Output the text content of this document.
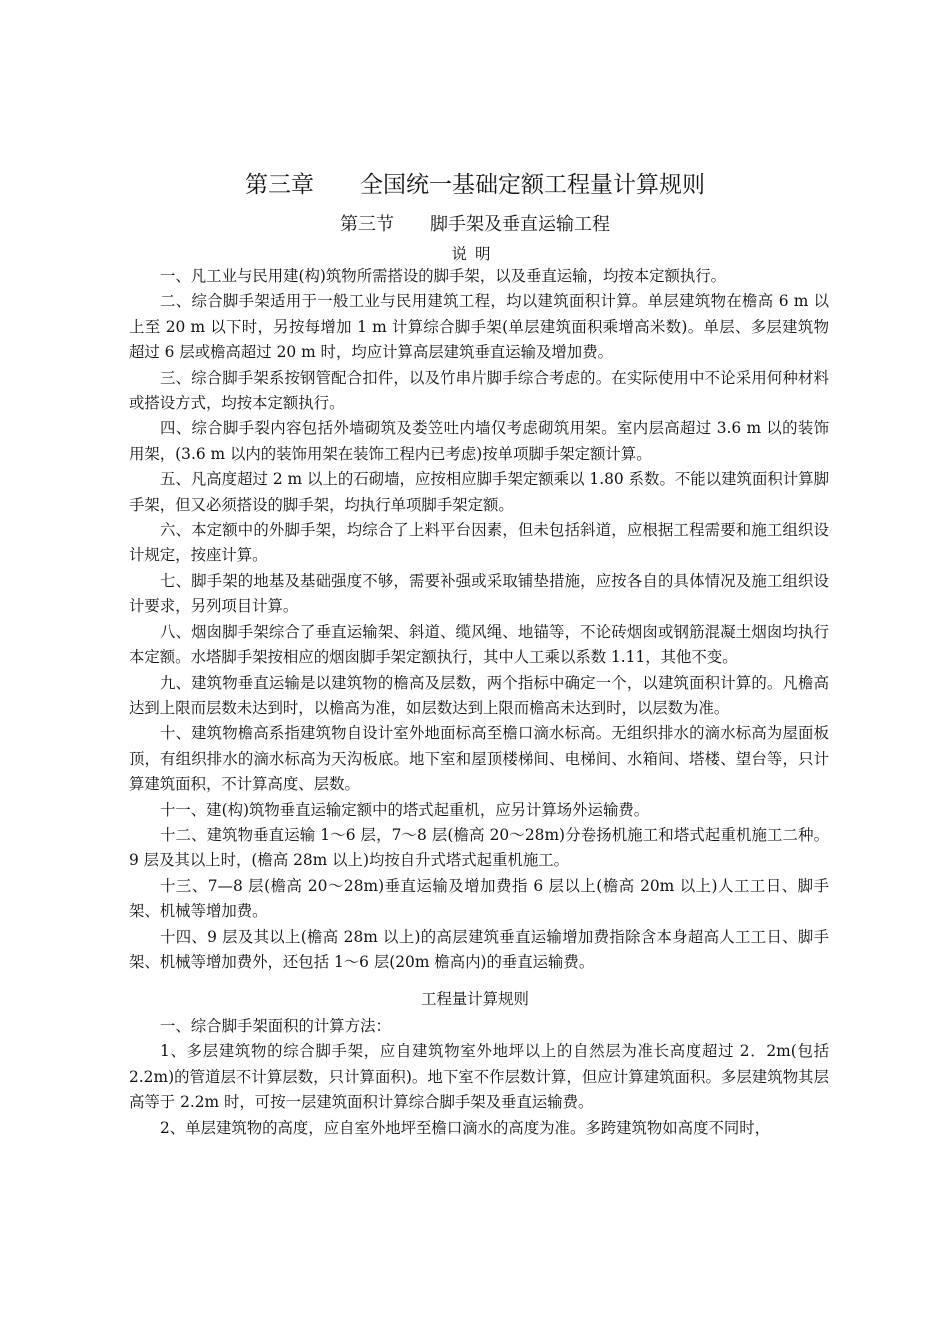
第三章　　全国统一基础定额工程量计算规则
第三节　　脚手架及垂直运输工程
说明

一、凡工业与民用建(构)筑物所需搭设的脚手架，以及垂直运输，均按本定额执行。

二、综合脚手架适用于一般工业与民用建筑工程，均以建筑面积计算。单层建筑物在檐高 6 m 以上至 20 m 以下时，另按每增加 1 m 计算综合脚手架(单层建筑面积乘增高米数)。单层、多层建筑物超过 6 层或檐高超过 20 m 时，均应计算高层建筑垂直运输及增加费。

三、综合脚手架系按钢管配合扣件，以及竹串片脚手综合考虑的。在实际使用中不论采用何种材料或搭设方式，均按本定额执行。

四、综合脚手裂内容包括外墙砌筑及娄笠吐内墙仅考虑砌筑用架。室内层高超过 3.6 m 以的装饰用架，(3.6 m 以内的装饰用架在装饰工程内已考虑)按单项脚手架定额计算。

五、凡高度超过 2 m 以上的石砌墙，应按相应脚手架定额乘以 1.80 系数。不能以建筑面积计算脚手架，但又必须搭设的脚手架，均执行单项脚手架定额。

六、本定额中的外脚手架，均综合了上料平台因素，但未包括斜道，应根据工程需要和施工组织设计规定，按座计算。

七、脚手架的地基及基础强度不够，需要补强或采取铺垫措施，应按各自的具体情况及施工组织设计要求，另列项目计算。

八、烟囱脚手架综合了垂直运输架、斜道、缆风绳、地锚等，不论砖烟囱或钢筋混凝土烟囱均执行本定额。水塔脚手架按相应的烟囱脚手架定额执行，其中人工乘以系数 1.11，其他不变。

九、建筑物垂直运输是以建筑物的檐高及层数，两个指标中确定一个，以建筑面积计算的。凡檐高达到上限而层数未达到时，以檐高为准，如层数达到上限而檐高未达到时，以层数为准。

十、建筑物檐高系指建筑物自设计室外地面标高至檐口滴水标高。无组织排水的滴水标高为屋面板顶，有组织排水的滴水标高为天沟板底。地下室和屋顶楼梯间、电梯间、水箱间、塔楼、望台等，只计算建筑面积，不计算高度、层数。

十一、建(构)筑物垂直运输定额中的塔式起重机，应另计算场外运输费。

十二、建筑物垂直运输 1～6 层，7～8 层(檐高 20～28m)分卷扬机施工和塔式起重机施工二种。9 层及其以上时，(檐高 28m 以上)均按自升式塔式起重机施工。

十三、7—8 层(檐高 20～28m)垂直运输及增加费指 6 层以上(檐高 20m 以上)人工工日、脚手架、机械等增加费。

十四、9 层及其以上(檐高 28m 以上)的高层建筑垂直运输增加费指除含本身超高人工工日、脚手架、机械等增加费外，还包括 1～6 层(20m 檐高内)的垂直运输费。

工程量计算规则

一、综合脚手架面积的计算方法：

1、多层建筑物的综合脚手架，应自建筑物室外地坪以上的自然层为准长高度超过 2．2m(包括 2.2m)的管道层不计算层数，只计算面积)。地下室不作层数计算，但应计算建筑面积。多层建筑物其层高等于 2.2m 时，可按一层建筑面积计算综合脚手架及垂直运输费。

2、单层建筑物的高度，应自室外地坪至檐口滴水的高度为准。多跨建筑物如高度不同时，
